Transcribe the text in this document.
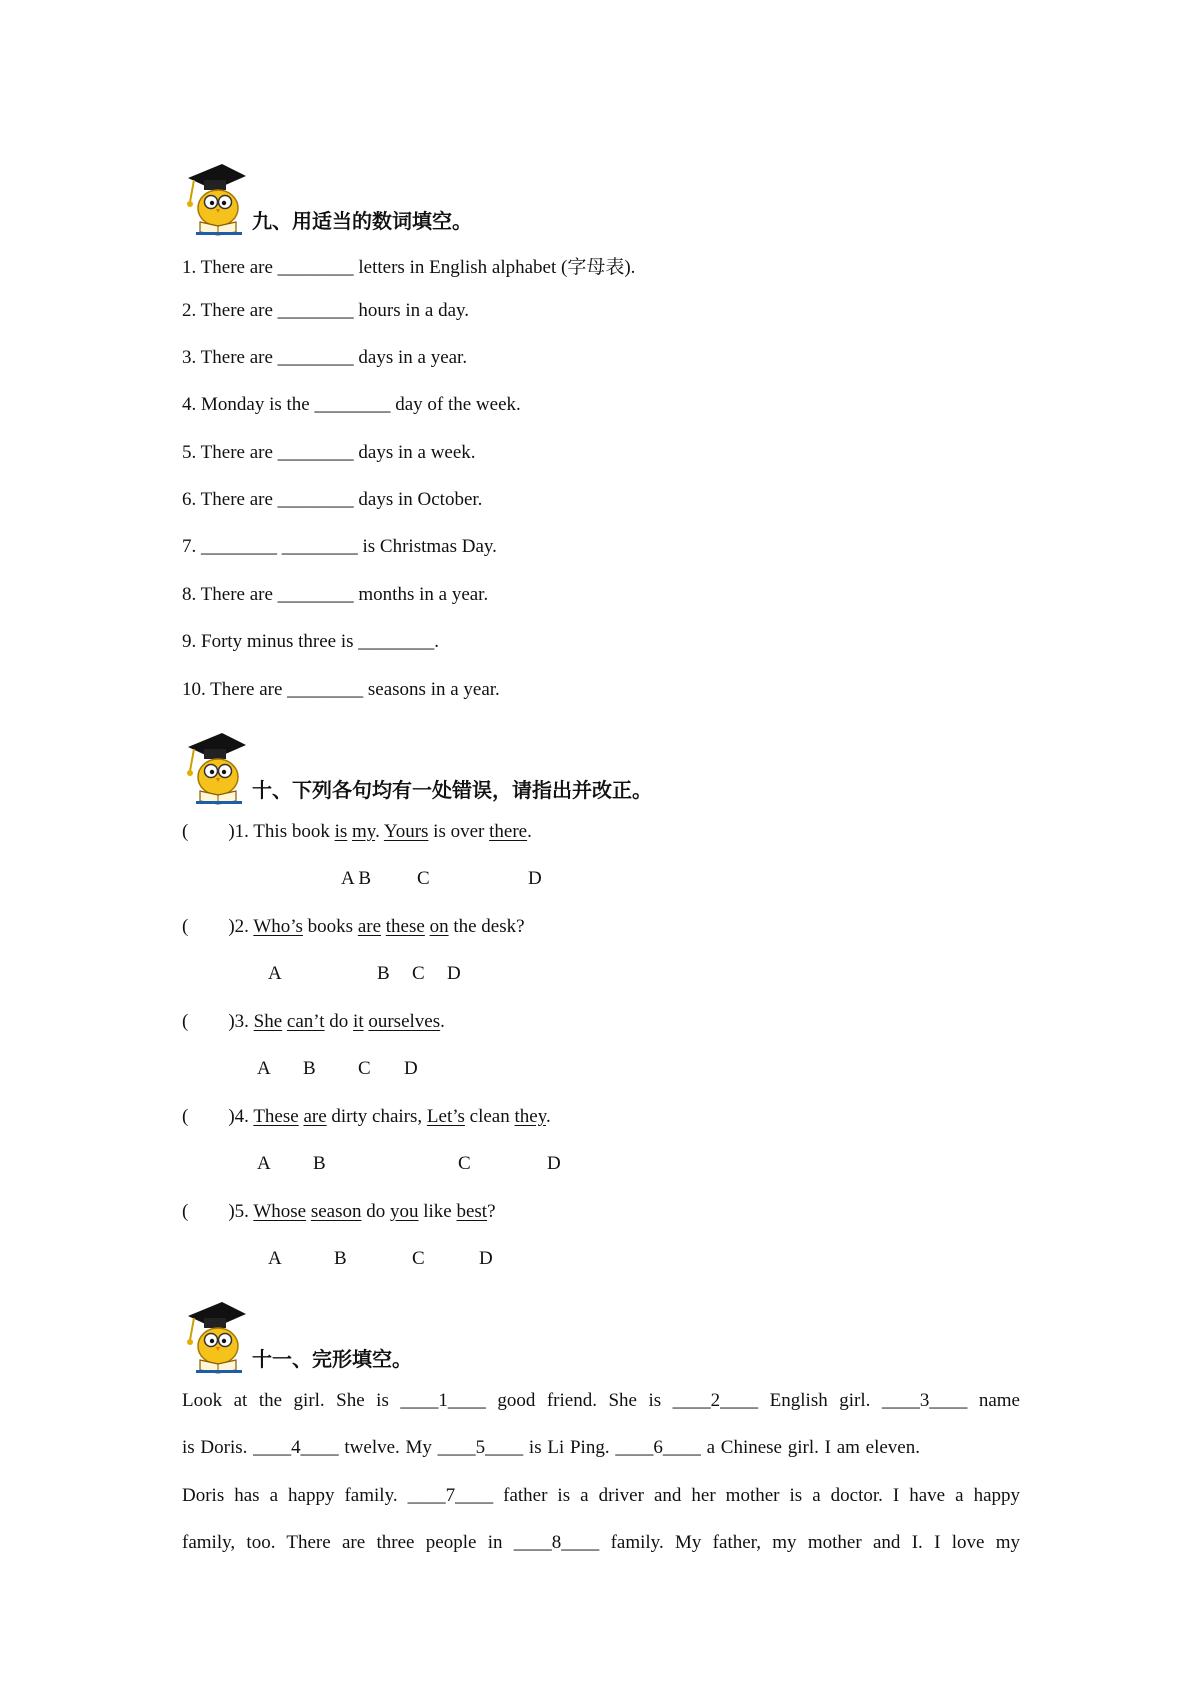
九、用适当的数词填空。
1. There are ________ letters in English alphabet (字母表).
2. There are ________ hours in a day.
3. There are ________ days in a year.
4. Monday is the ________ day of the week.
5. There are ________ days in a week.
6. There are ________ days in October.
7. ________ ________ is Christmas Day.
8. There are ________ months in a year.
9. Forty minus three is ________.
10. There are ________ seasons in a year.
十、下列各句均有一处错误，请指出并改正。
( )1. This book is my. Yours is over there.
A B C	D
( )2. Who’s books are these on the desk?
A	B C D
( )3. She can’t do it ourselves.
A B C D
( )4. These are dirty chairs, Let’s clean they.
A B	C	D
( )5. Whose season do you like best?
A	B	C	D
十一、完形填空。
Look at the girl. She is ____1____ good friend. She is ____2____ English girl. ____3____ name
is Doris. ____4____ twelve. My ____5____ is Li Ping. ____6____ a Chinese girl. I am eleven.
Doris has a happy family. ____7____ father is a driver and her mother is a doctor. I have a happy
family, too. There are three people in ____8____ family. My father, my mother and I. I love my
